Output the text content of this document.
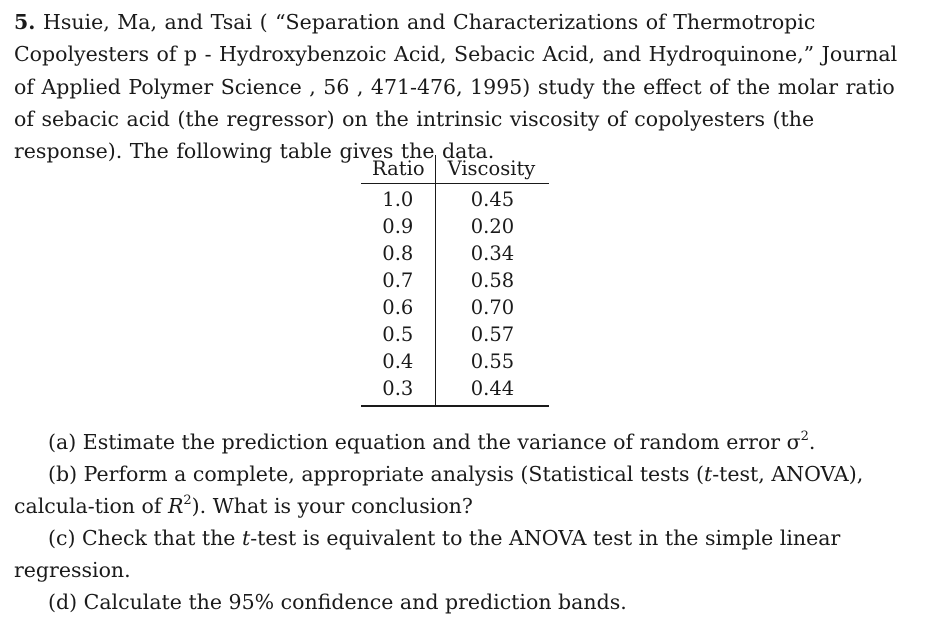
5. Hsuie, Ma, and Tsai ( “Separation and Characterizations of Thermotropic Copolyesters of p - Hydroxybenzoic Acid, Sebacic Acid, and Hydroquinone,” Journal of Applied Polymer Science , 56 , 471-476, 1995) study the effect of the molar ratio of sebacic acid (the regressor) on the intrinsic viscosity of copolyesters (the response). The following table gives the data.

Ratio	Viscosity
1.0	0.45
0.9	0.20
0.8	0.34
0.7	0.58
0.6	0.70
0.5	0.57
0.4	0.55
0.3	0.44

(a) Estimate the prediction equation and the variance of random error $\sigma^2$.

(b) Perform a complete, appropriate analysis (Statistical tests (t-test, ANOVA), calcula-tion of $R^2$). What is your conclusion?

(c) Check that the t-test is equivalent to the ANOVA test in the simple linear regression.

(d) Calculate the 95% confidence and prediction bands.
